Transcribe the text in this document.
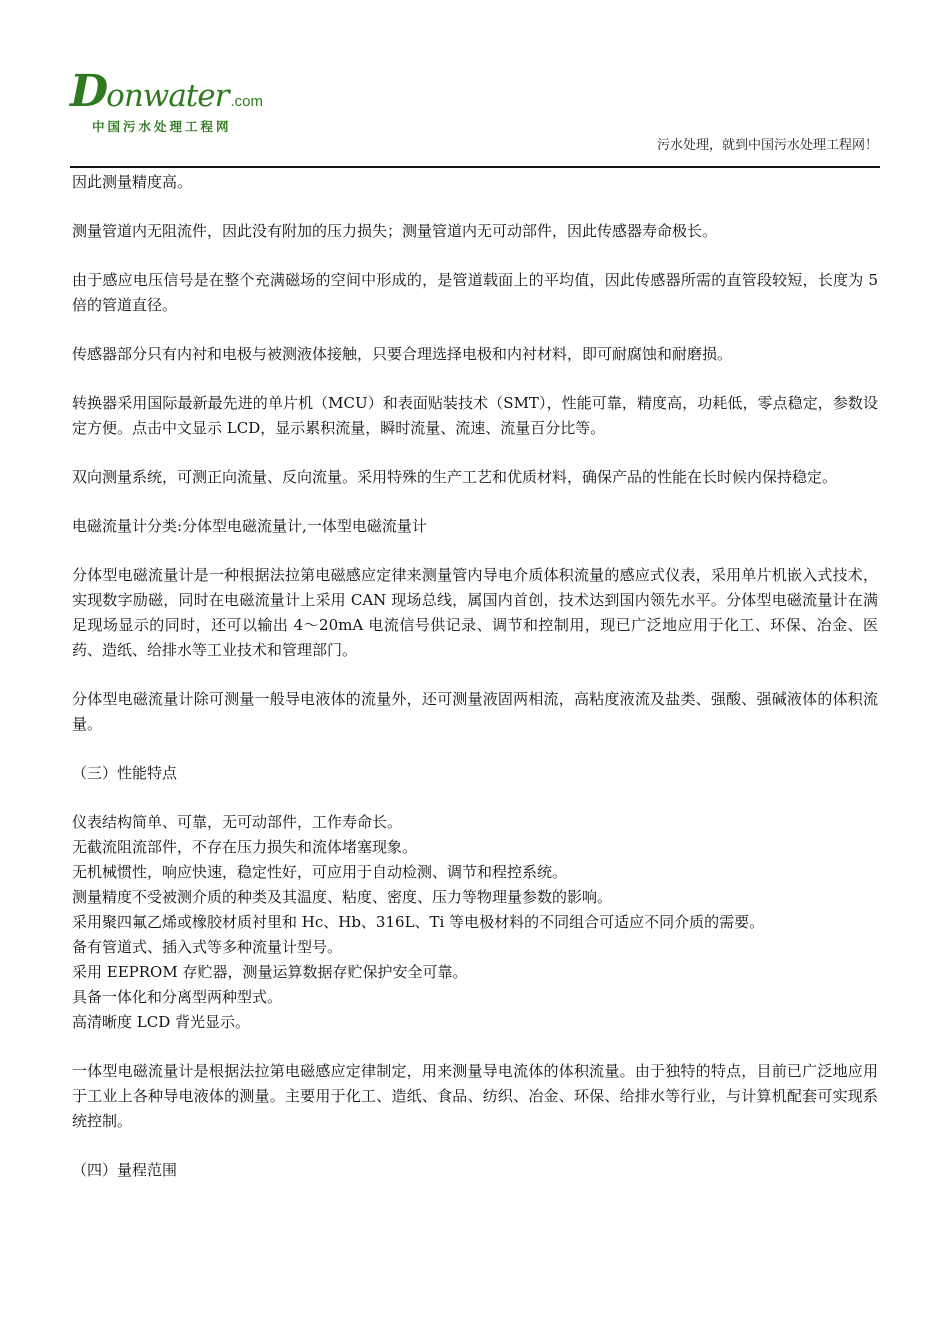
Donwater .com
中国污水处理工程网
污水处理，就到中国污水处理工程网！

因此测量精度高。

测量管道内无阻流件，因此没有附加的压力损失；测量管道内无可动部件，因此传感器寿命极长。

由于感应电压信号是在整个充满磁场的空间中形成的，是管道载面上的平均值，因此传感器所需的直管段较短，长度为 5 倍的管道直径。

传感器部分只有内衬和电极与被测液体接触，只要合理选择电极和内衬材料，即可耐腐蚀和耐磨损。

转换器采用国际最新最先进的单片机（MCU）和表面贴装技术（SMT），性能可靠，精度高，功耗低，零点稳定，参数设定方便。点击中文显示 LCD，显示累积流量，瞬时流量、流速、流量百分比等。

双向测量系统，可测正向流量、反向流量。采用特殊的生产工艺和优质材料，确保产品的性能在长时候内保持稳定。

电磁流量计分类:分体型电磁流量计,一体型电磁流量计

分体型电磁流量计是一种根据法拉第电磁感应定律来测量管内导电介质体积流量的感应式仪表，采用单片机嵌入式技术，实现数字励磁，同时在电磁流量计上采用 CAN 现场总线，属国内首创，技术达到国内领先水平。分体型电磁流量计在满足现场显示的同时，还可以输出 4～20mA 电流信号供记录、调节和控制用，现已广泛地应用于化工、环保、冶金、医药、造纸、给排水等工业技术和管理部门。

分体型电磁流量计除可测量一般导电液体的流量外，还可测量液固两相流，高粘度液流及盐类、强酸、强碱液体的体积流量。

（三）性能特点

仪表结构简单、可靠，无可动部件，工作寿命长。
无截流阻流部件，不存在压力损失和流体堵塞现象。
无机械惯性，响应快速，稳定性好，可应用于自动检测、调节和程控系统。
测量精度不受被测介质的种类及其温度、粘度、密度、压力等物理量参数的影响。
采用聚四氟乙烯或橡胶材质衬里和 Hc、Hb、316L、Ti 等电极材料的不同组合可适应不同介质的需要。
备有管道式、插入式等多种流量计型号。
采用 EEPROM 存贮器，测量运算数据存贮保护安全可靠。
具备一体化和分离型两种型式。
高清晰度 LCD 背光显示。

一体型电磁流量计是根据法拉第电磁感应定律制定，用来测量导电流体的体积流量。由于独特的特点，目前已广泛地应用于工业上各种导电液体的测量。主要用于化工、造纸、食品、纺织、冶金、环保、给排水等行业，与计算机配套可实现系统控制。

（四）量程范围
